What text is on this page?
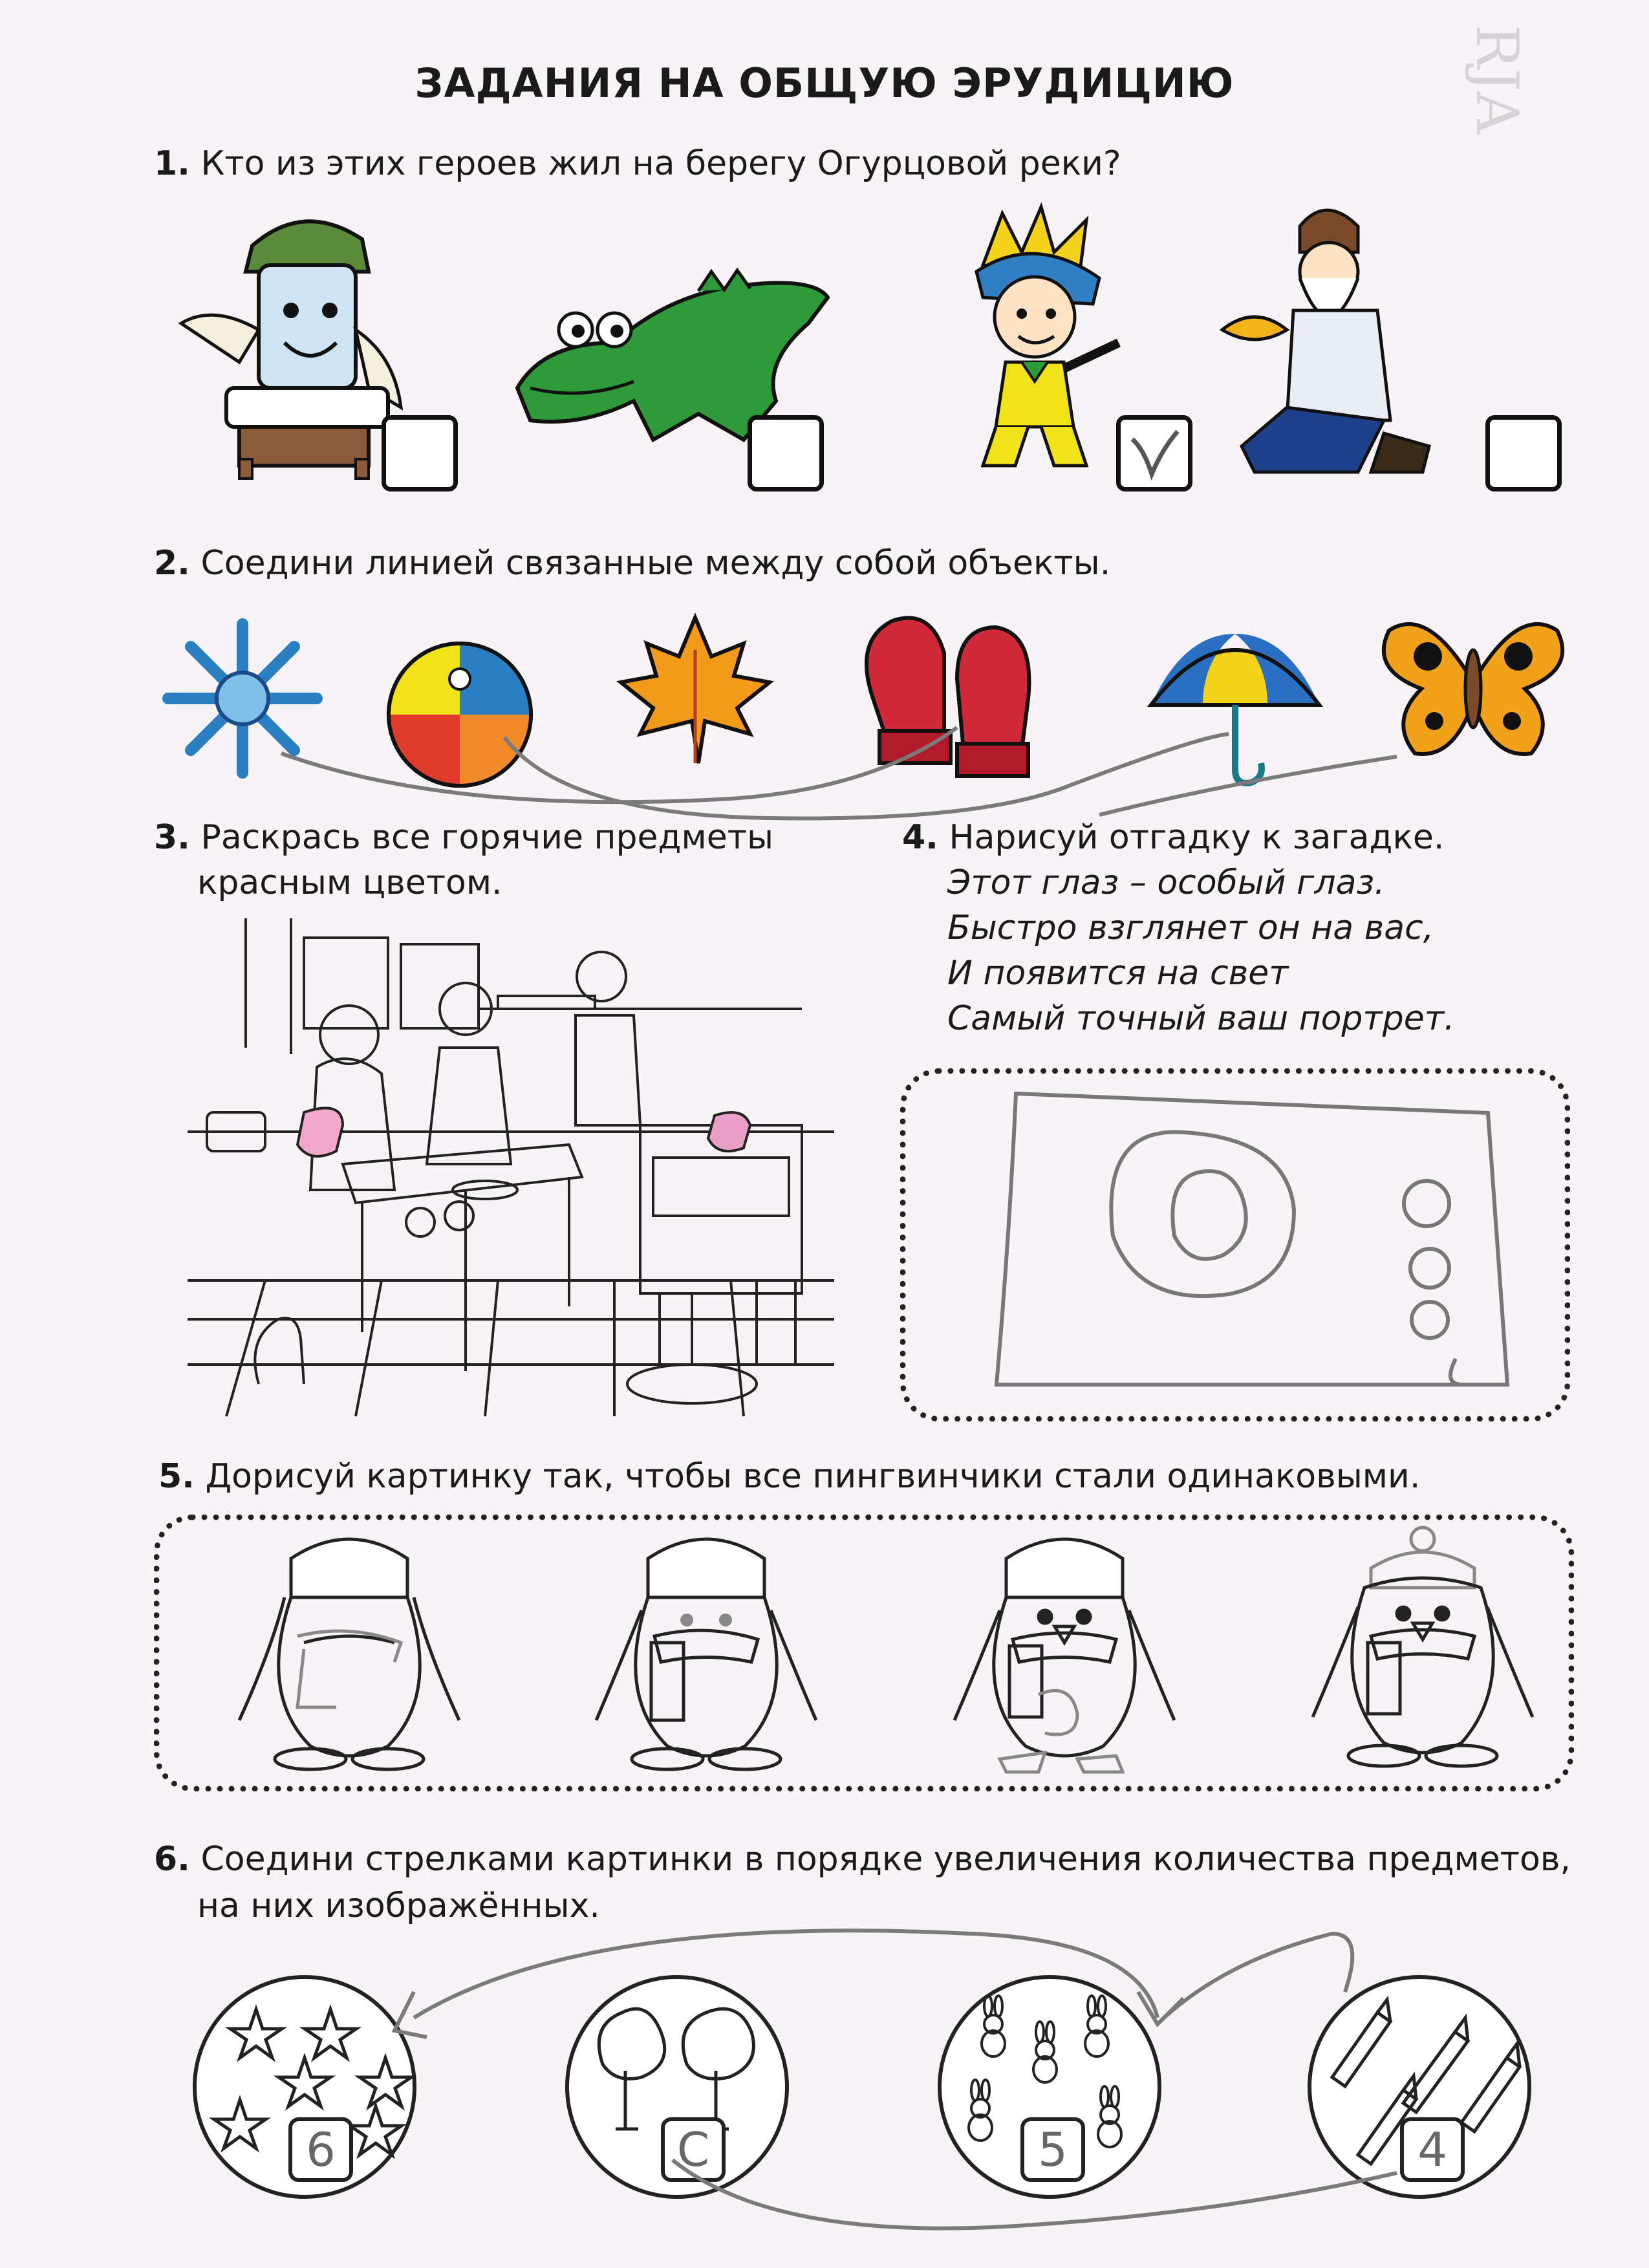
ЗАДАНИЯ НА ОБЩУЮ ЭРУДИЦИЮ	RJA
1. Кто из этих героев жил на берегу Огурцовой реки?
2. Соедини линией связанные между собой объекты.
3. Раскрась все горячие предметы
красным цветом.
4. Нарисуй отгадку к загадке.
Этот глаз – особый глаз.
Быстро взглянет он на вас,
И появится на свет
Самый точный ваш портрет.
5. Дорисуй картинку так, чтобы все пингвинчики стали одинаковыми.
6. Соедини стрелками картинки в порядке увеличения количества предметов,
на них изображённых.
6	C	5	4
